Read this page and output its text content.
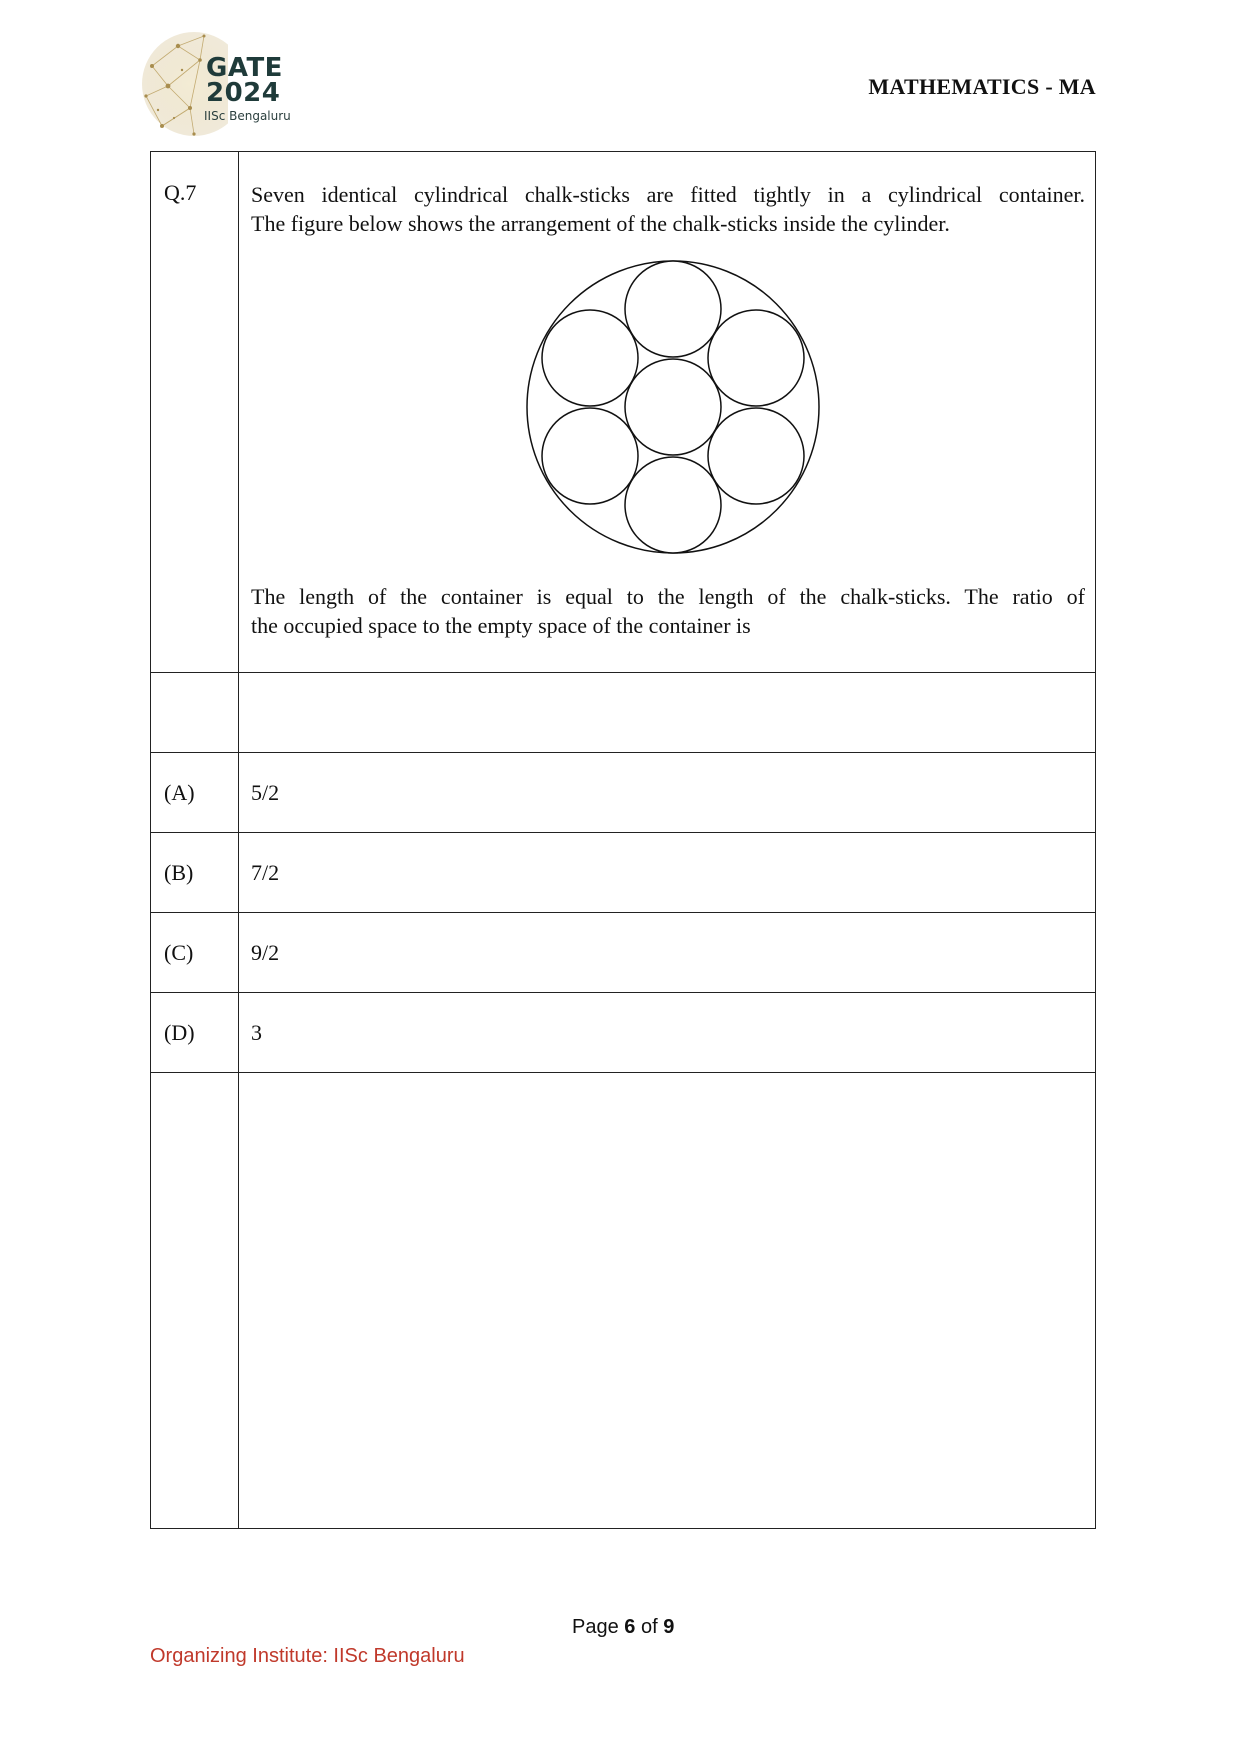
GATE
2024
IISc Bengaluru
MATHEMATICS - MA
Q.7	Seven identical cylindrical chalk-sticks are fitted tightly in a cylindrical container.
The figure below shows the arrangement of the chalk-sticks inside the cylinder.
The length of the container is equal to the length of the chalk-sticks. The ratio of
the occupied space to the empty space of the container is

(A)	5/2
(B)	7/2
(C)	9/2
(D)	3

Page 6 of 9
Organizing Institute: IISc Bengaluru
